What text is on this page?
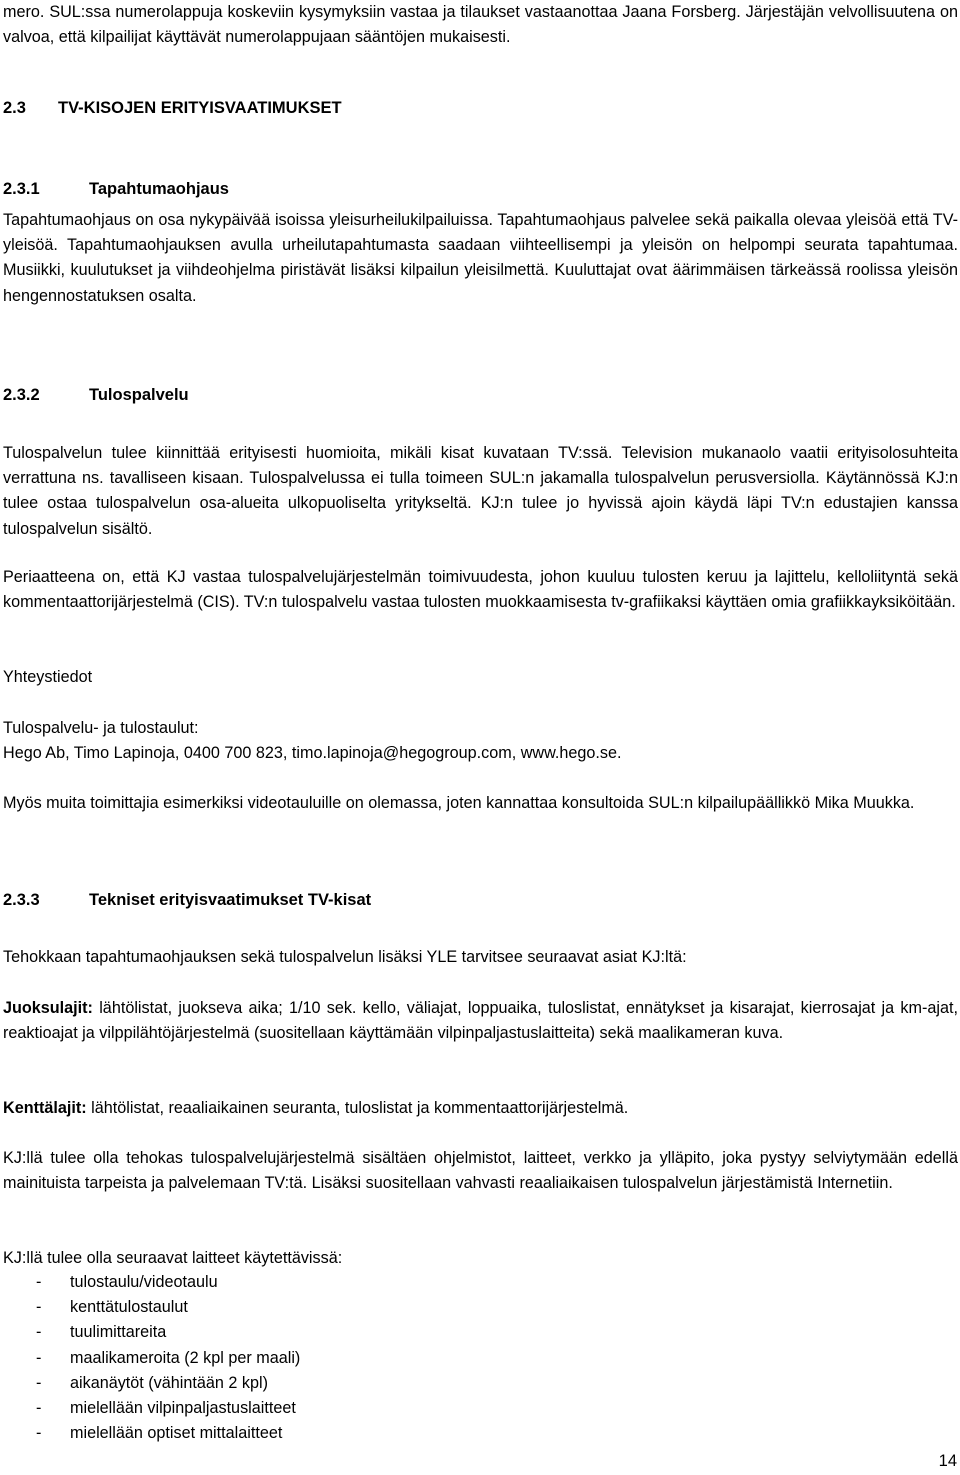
mero. SUL:ssa numerolappuja koskeviin kysymyksiin vastaa ja tilaukset vastaanottaa Jaana Forsberg. Järjestäjän velvollisuutena on valvoa, että kilpailijat käyttävät numerolappujaan sääntöjen mukaisesti.

2.3	TV-KISOJEN ERITYISVAATIMUKSET
2.3.1	Tapahtumaohjaus

Tapahtumaohjaus on osa nykypäivää isoissa yleisurheilukilpailuissa. Tapahtumaohjaus palvelee sekä paikalla olevaa yleisöä että TV-yleisöä. Tapahtumaohjauksen avulla urheilutapahtumasta saadaan viihteellisempi ja yleisön on helpompi seurata tapahtumaa. Musiikki, kuulutukset ja viihdeohjelma piristävät lisäksi kilpailun yleisilmettä. Kuuluttajat ovat äärimmäisen tärkeässä roolissa yleisön hengennostatuksen osalta.

2.3.2	Tulospalvelu

Tulospalvelun tulee kiinnittää erityisesti huomioita, mikäli kisat kuvataan TV:ssä. Television mukanaolo vaatii erityisolosuhteita verrattuna ns. tavalliseen kisaan. Tulospalvelussa ei tulla toimeen SUL:n jakamalla tulospalvelun perusversiolla. Käytännössä KJ:n tulee ostaa tulospalvelun osa-alueita ulkopuoliselta yritykseltä. KJ:n tulee jo hyvissä ajoin käydä läpi TV:n edustajien kanssa tulospalvelun sisältö.

Periaatteena on, että KJ vastaa tulospalvelujärjestelmän toimivuudesta, johon kuuluu tulosten keruu ja lajittelu, kelloliityntä sekä kommentaattorijärjestelmä (CIS). TV:n tulospalvelu vastaa tulosten muokkaamisesta tv-grafiikaksi käyttäen omia grafiikkayksiköitään.

Yhteystiedot

Tulospalvelu- ja tulostaulut:

Hego Ab, Timo Lapinoja, 0400 700 823, timo.lapinoja@hegogroup.com, www.hego.se.

Myös muita toimittajia esimerkiksi videotauluille on olemassa, joten kannattaa konsultoida SUL:n kilpailupäällikkö Mika Muukka.

2.3.3	Tekniset erityisvaatimukset TV-kisat

Tehokkaan tapahtumaohjauksen sekä tulospalvelun lisäksi YLE tarvitsee seuraavat asiat KJ:ltä:

Juoksulajit: lähtölistat, juokseva aika; 1/10 sek. kello, väliajat, loppuaika, tuloslistat, ennätykset ja kisarajat, kierrosajat ja km-ajat, reaktioajat ja vilppilähtöjärjestelmä (suositellaan käyttämään vilpinpaljastuslaitteita) sekä maalikameran kuva.

Kenttälajit: lähtölistat, reaaliaikainen seuranta, tuloslistat ja kommentaattorijärjestelmä.

KJ:llä tulee olla tehokas tulospalvelujärjestelmä sisältäen ohjelmistot, laitteet, verkko ja ylläpito, joka pystyy selviytymään edellä mainituista tarpeista ja palvelemaan TV:tä. Lisäksi suositellaan vahvasti reaaliaikaisen tulospalvelun järjestämistä Internetiin.

KJ:llä tulee olla seuraavat laitteet käytettävissä:

-	tulostaulu/videotaulu
-	kenttätulostaulut
-	tuulimittareita
-	maalikameroita (2 kpl per maali)
-	aikanäytöt (vähintään 2 kpl)
-	mielellään vilpinpaljastuslaitteet
-	mielellään optiset mittalaitteet
14
